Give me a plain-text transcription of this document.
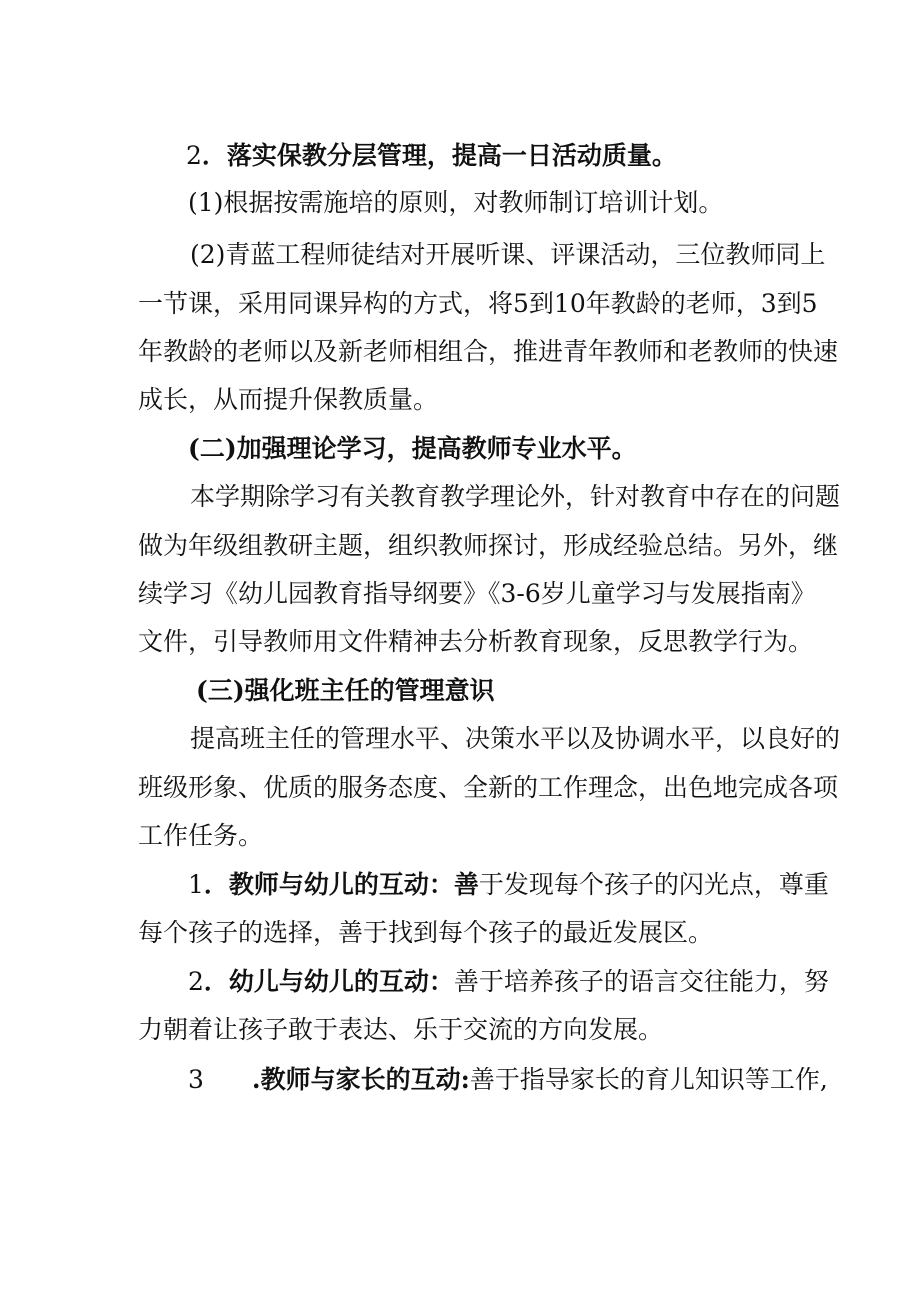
2．落实保教分层管理，提高一日活动质量。
(1)根据按需施培的原则，对教师制订培训计划。
(2)青蓝工程师徒结对开展听课、评课活动，三位教师同上
一节课，采用同课异构的方式，将5到10年教龄的老师，3到5
年教龄的老师以及新老师相组合，推进青年教师和老教师的快速
成长，从而提升保教质量。
(二)加强理论学习，提高教师专业水平。
本学期除学习有关教育教学理论外，针对教育中存在的问题
做为年级组教研主题，组织教师探讨，形成经验总结。另外，继
续学习《幼儿园教育指导纲要》《3-6岁儿童学习与发展指南》
文件，引导教师用文件精神去分析教育现象，反思教学行为。
(三)强化班主任的管理意识
提高班主任的管理水平、决策水平以及协调水平，以良好的
班级形象、优质的服务态度、全新的工作理念，出色地完成各项
工作任务。
1．教师与幼儿的互动：善于发现每个孩子的闪光点，尊重
每个孩子的选择，善于找到每个孩子的最近发展区。
2．幼儿与幼儿的互动：善于培养孩子的语言交往能力，努
力朝着让孩子敢于表达、乐于交流的方向发展。
3 .教师与家长的互动:善于指导家长的育儿知识等工作,
